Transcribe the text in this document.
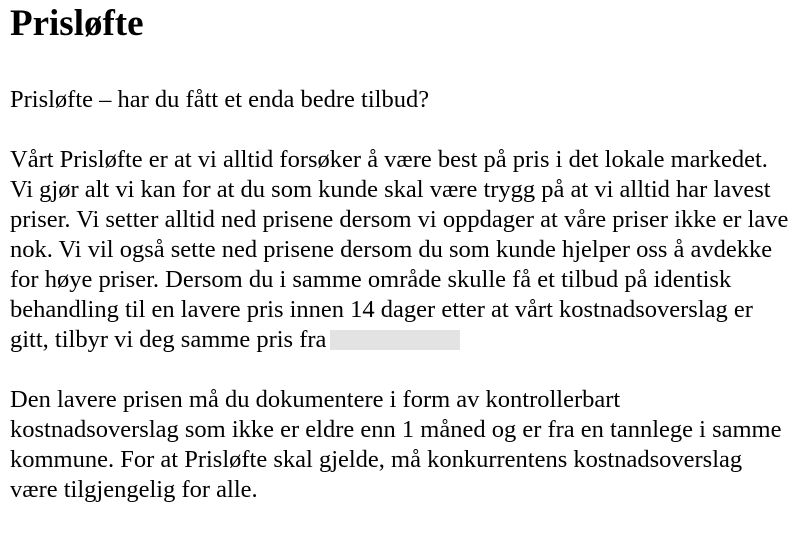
Prisløfte

Prisløfte – har du fått et enda bedre tilbud?

Vårt Prisløfte er at vi alltid forsøker å være best på pris i det lokale markedet. Vi gjør alt vi kan for at du som kunde skal være trygg på at vi alltid har lavest priser. Vi setter alltid ned prisene dersom vi oppdager at våre priser ikke er lave nok. Vi vil også sette ned prisene dersom du som kunde hjelper oss å avdekke for høye priser. Dersom du i samme område skulle få et tilbud på identisk behandling til en lavere pris innen 14 dager etter at vårt kostnadsoverslag er gitt, tilbyr vi deg samme pris fra

Den lavere prisen må du dokumentere i form av kontrollerbart kostnadsoverslag som ikke er eldre enn 1 måned og er fra en tannlege i samme kommune. For at Prisløfte skal gjelde, må konkurrentens kostnadsoverslag være tilgjengelig for alle.
